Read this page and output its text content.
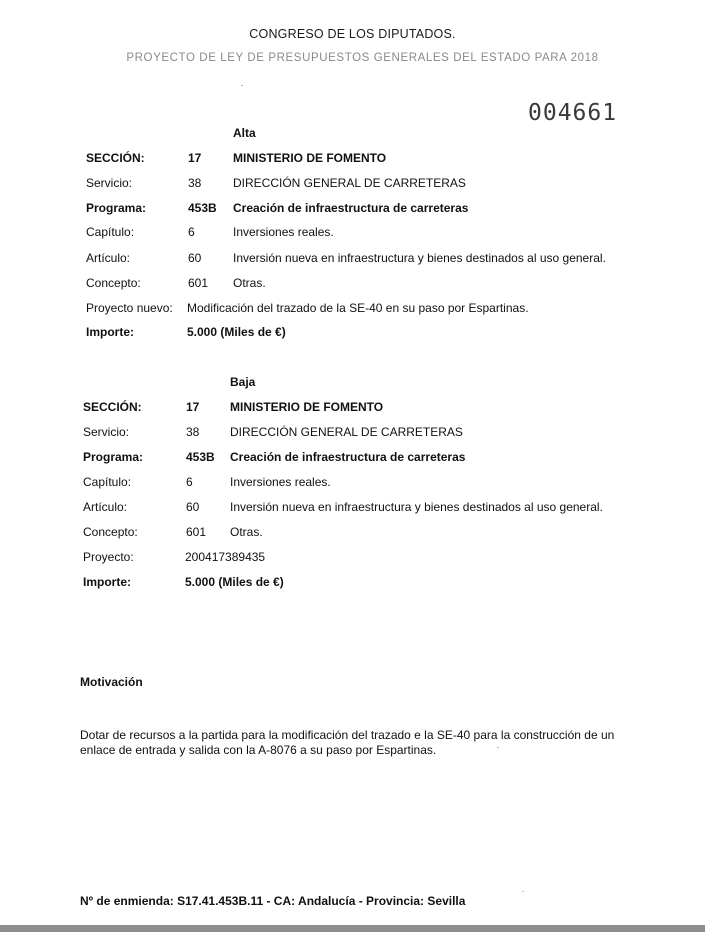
CONGRESO DE LOS DIPUTADOS.
PROYECTO DE LEY DE PRESUPUESTOS GENERALES DEL ESTADO PARA 2018
004661
Alta
SECCIÓN:	17	MINISTERIO DE FOMENTO
Servicio:	38	DIRECCIÓN GENERAL DE CARRETERAS
Programa:	453B Creación de infraestructura de carreteras
Capítulo:	6	Inversiones reales.
Artículo:	60	Inversión nueva en infraestructura y bienes destinados al uso general.
Concepto:	601 Otras.
Proyecto nuevo: Modificación del trazado de la SE-40 en su paso por Espartinas.
Importe:	5.000 (Miles de €)
Baja
SECCIÓN:	17	MINISTERIO DE FOMENTO
Servicio:	38	DIRECCIÓN GENERAL DE CARRETERAS
Programa:	453B Creación de infraestructura de carreteras
Capítulo:	6	Inversiones reales.
Artículo:	60	Inversión nueva en infraestructura y bienes destinados al uso general.
Concepto:	601 Otras.
Proyecto:	200417389435
Importe:	5.000 (Miles de €)
Motivación
Dotar de recursos a la partida para la modificación del trazado e la SE-40 para la construcción de un enlace de entrada y salida con la A-8076 a su paso por Espartinas.
Nº de enmienda: S17.41.453B.11 - CA: Andalucía - Provincia: Sevilla
